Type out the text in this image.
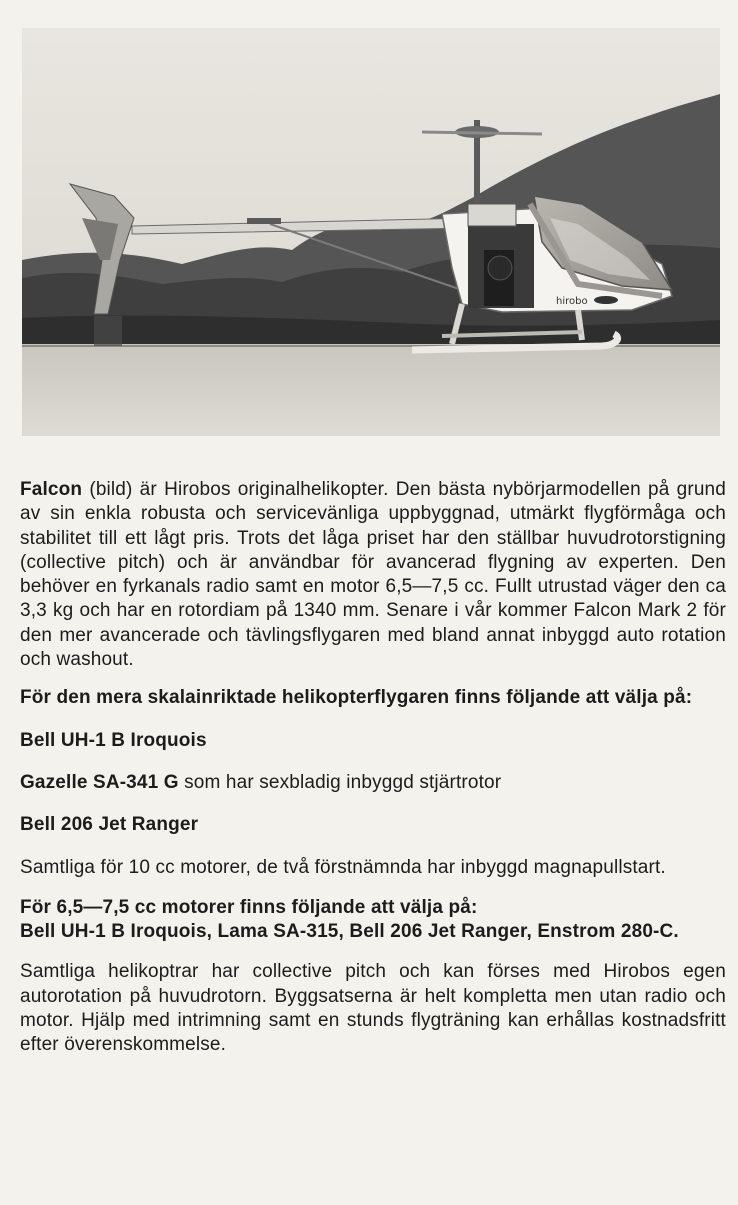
hirobo

Falcon (bild) är Hirobos originalhelikopter. Den bästa nybörjarmodellen på grund av sin enkla robusta och servicevänliga uppbyggnad, utmärkt flygförmåga och stabilitet till ett lågt pris. Trots det låga priset har den ställbar huvudrotorstigning (collective pitch) och är användbar för avancerad flygning av experten. Den behöver en fyrkanals radio samt en motor 6,5—7,5 cc. Fullt utrustad väger den ca 3,3 kg och har en rotordiam på 1340 mm. Senare i vår kommer Falcon Mark 2 för den mer avancerade och tävlingsflygaren med bland annat inbyggd auto rotation och washout.

För den mera skalainriktade helikopterflygaren finns följande att välja på:

Bell UH-1 B Iroquois

Gazelle SA-341 G som har sexbladig inbyggd stjärtrotor

Bell 206 Jet Ranger

Samtliga för 10 cc motorer, de två förstnämnda har inbyggd magnapullstart.

För 6,5—7,5 cc motorer finns följande att välja på:

Bell UH-1 B Iroquois, Lama SA-315, Bell 206 Jet Ranger, Enstrom 280-C.

Samtliga helikoptrar har collective pitch och kan förses med Hirobos egen autorotation på huvudrotorn. Byggsatserna är helt kompletta men utan radio och motor. Hjälp med intrimning samt en stunds flygträning kan erhållas kostnadsfritt efter överenskommelse.
